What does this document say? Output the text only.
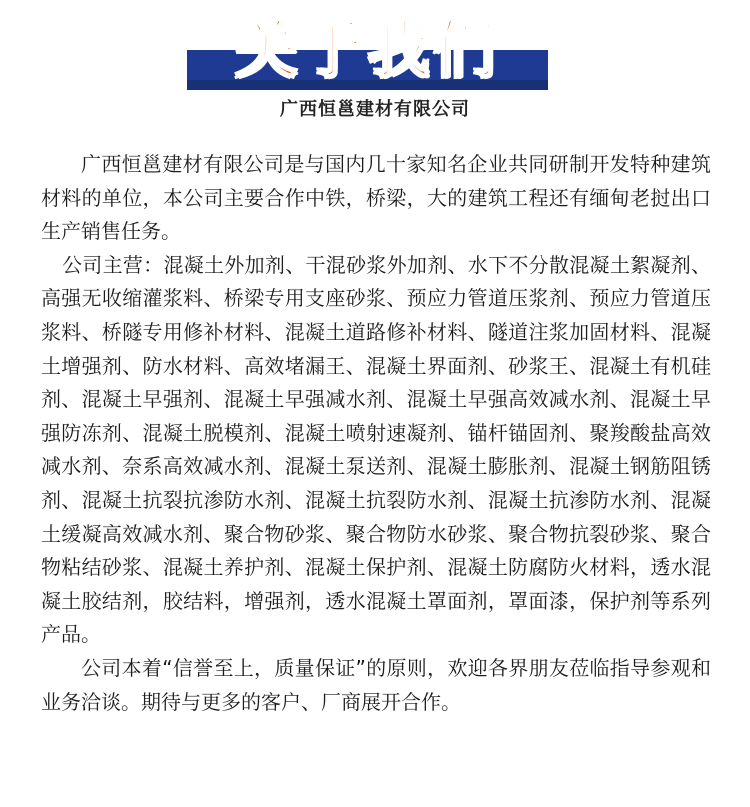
关于我们
广西恒邕建材有限公司

广西恒邕建材有限公司是与国内几十家知名企业共同研制开发特种建筑材料的单位，本公司主要合作中铁，桥梁，大的建筑工程还有缅甸老挝出口生产销售任务。

公司主营：混凝土外加剂、干混砂浆外加剂、水下不分散混凝土絮凝剂、高强无收缩灌浆料、桥梁专用支座砂浆、预应力管道压浆剂、预应力管道压浆料、桥隧专用修补材料、混凝土道路修补材料、隧道注浆加固材料、混凝土增强剂、防水材料、高效堵漏王、混凝土界面剂、砂浆王、混凝土有机硅剂、混凝土早强剂、混凝土早强减水剂、混凝土早强高效减水剂、混凝土早强防冻剂、混凝土脱模剂、混凝土喷射速凝剂、锚杆锚固剂、聚羧酸盐高效减水剂、奈系高效减水剂、混凝土泵送剂、混凝土膨胀剂、混凝土钢筋阻锈剂、混凝土抗裂抗渗防水剂、混凝土抗裂防水剂、混凝土抗渗防水剂、混凝土缓凝高效减水剂、聚合物砂浆、聚合物防水砂浆、聚合物抗裂砂浆、聚合物粘结砂浆、混凝土养护剂、混凝土保护剂、混凝土防腐防火材料，透水混凝土胶结剂，胶结料，增强剂，透水混凝土罩面剂，罩面漆，保护剂等系列产品。

公司本着“信誉至上，质量保证”的原则，欢迎各界朋友莅临指导参观和业务洽谈。期待与更多的客户、厂商展开合作。
